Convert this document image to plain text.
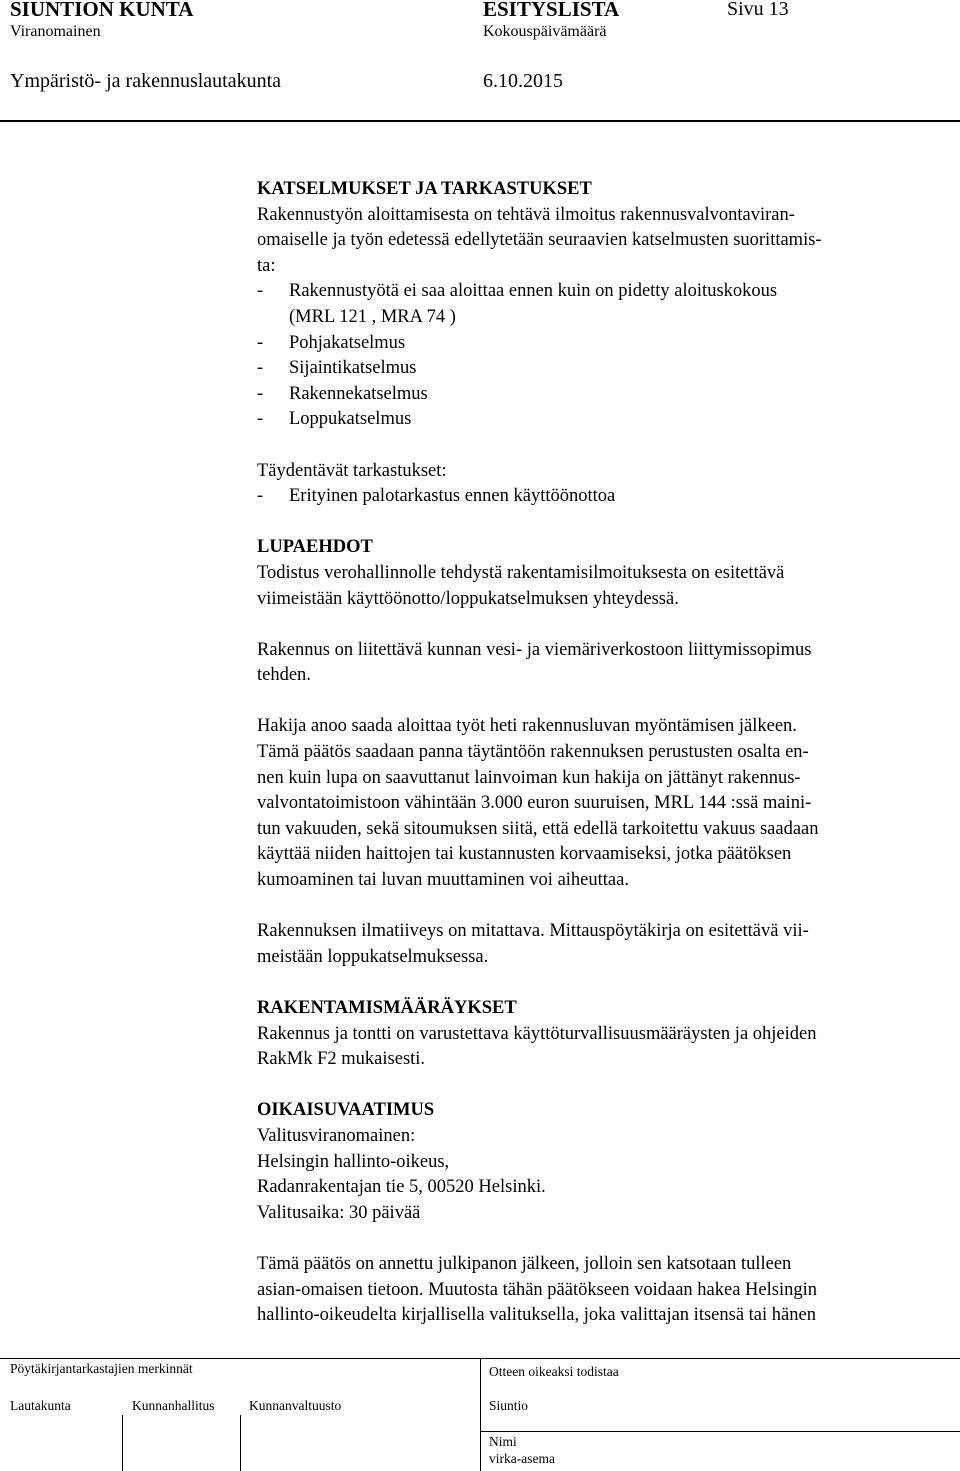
SIUNTION KUNTA	ESITYSLISTA	Sivu 13
Viranomainen	Kokouspäivämäärä
Ympäristö- ja rakennuslautakunta	6.10.2015
KATSELMUKSET JA TARKASTUKSET
Rakennustyön aloittamisesta on tehtävä ilmoitus rakennusvalvontaviran-
omaiselle ja työn edetessä edellytetään seuraavien katselmusten suorittamis-
ta:
-	Rakennustyötä ei saa aloittaa ennen kuin on pidetty aloituskokous
(MRL 121 , MRA 74 )
-	Pohjakatselmus
-	Sijaintikatselmus
-	Rakennekatselmus
-	Loppukatselmus
Täydentävät tarkastukset:
-	Erityinen palotarkastus ennen käyttöönottoa
LUPAEHDOT
Todistus verohallinnolle tehdystä rakentamisilmoituksesta on esitettävä
viimeistään käyttöönotto/loppukatselmuksen yhteydessä.
Rakennus on liitettävä kunnan vesi- ja viemäriverkostoon liittymissopimus
tehden.
Hakija anoo saada aloittaa työt heti rakennusluvan myöntämisen jälkeen.
Tämä päätös saadaan panna täytäntöön rakennuksen perustusten osalta en-
nen kuin lupa on saavuttanut lainvoiman kun hakija on jättänyt rakennus-
valvontatoimistoon vähintään 3.000 euron suuruisen, MRL 144 :ssä maini-
tun vakuuden, sekä sitoumuksen siitä, että edellä tarkoitettu vakuus saadaan
käyttää niiden haittojen tai kustannusten korvaamiseksi, jotka päätöksen
kumoaminen tai luvan muuttaminen voi aiheuttaa.
Rakennuksen ilmatiiveys on mitattava. Mittauspöytäkirja on esitettävä vii-
meistään loppukatselmuksessa.
RAKENTAMISMÄÄRÄYKSET
Rakennus ja tontti on varustettava käyttöturvallisuusmääräysten ja ohjeiden
RakMk F2 mukaisesti.
OIKAISUVAATIMUS
Valitusviranomainen:
Helsingin hallinto-oikeus,
Radanrakentajan tie 5, 00520 Helsinki.
Valitusaika: 30 päivää
Tämä päätös on annettu julkipanon jälkeen, jolloin sen katsotaan tulleen
asian-omaisen tietoon. Muutosta tähän päätökseen voidaan hakea Helsingin
hallinto-oikeudelta kirjallisella valituksella, joka valittajan itsensä tai hänen
Pöytäkirjantarkastajien merkinnät	Otteen oikeaksi todistaa
Lautakunta	Kunnanhallitus	Kunnanvaltuusto	Siuntio
Nimi
virka-asema
